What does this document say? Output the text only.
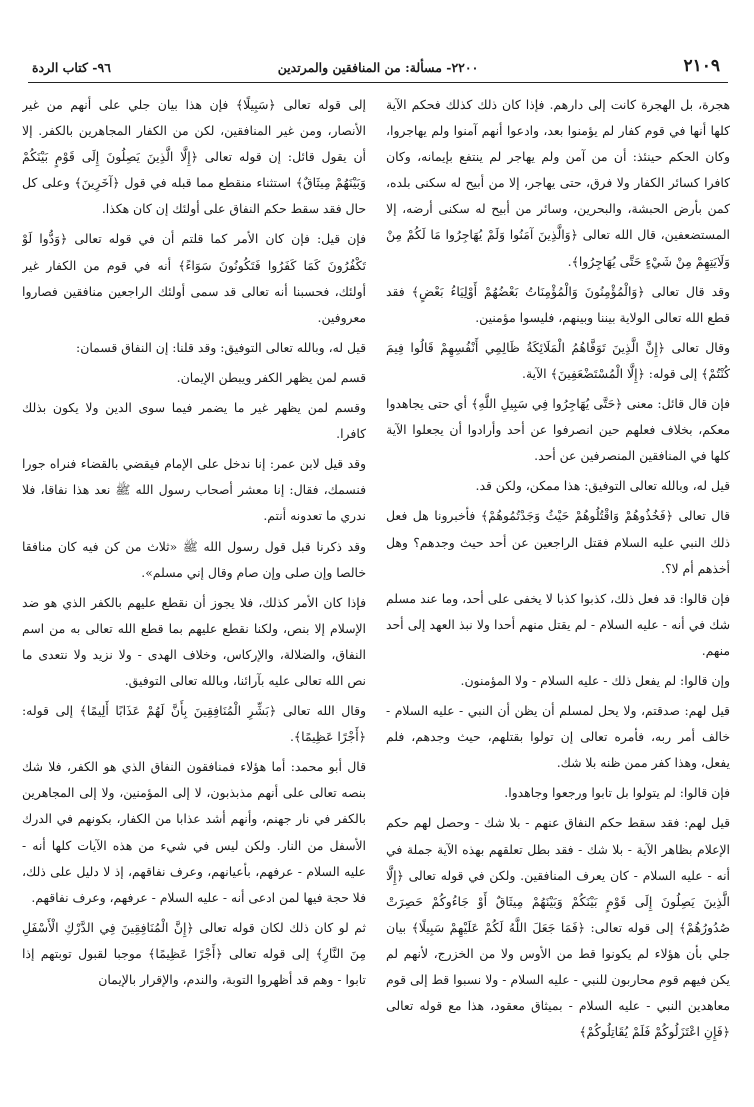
٢١٠٩
٢٢٠٠- مسألة: من المنافقين والمرتدين
٩٦- كتاب الردة

هجرة، بل الهجرة كانت إلى دارهم. فإذا كان ذلك كذلك فحكم الآية كلها أنها في قوم كفار لم يؤمنوا بعد، وادعوا أنهم آمنوا ولم يهاجروا، وكان الحكم حينئذ: أن من آمن ولم يهاجر لم ينتفع بإيمانه، وكان كافرا كسائر الكفار ولا فرق، حتى يهاجر، إلا من أبيح له سكنى بلده، كمن بأرض الحبشة، والبحرين، وسائر من أبيح له سكنى أرضه، إلا المستضعفين، قال الله تعالى ﴿وَالَّذِينَ آمَنُوا وَلَمْ يُهَاجِرُوا مَا لَكُمْ مِنْ وَلَايَتِهِمْ مِنْ شَيْءٍ حَتَّى يُهَاجِرُوا﴾.

وقد قال تعالى ﴿وَالْمُؤْمِنُونَ وَالْمُؤْمِنَاتُ بَعْضُهُمْ أَوْلِيَاءُ بَعْضٍ﴾ فقد قطع الله تعالى الولاية بيننا وبينهم، فليسوا مؤمنين.

وقال تعالى ﴿إِنَّ الَّذِينَ تَوَفَّاهُمُ الْمَلَائِكَةُ ظَالِمِي أَنْفُسِهِمْ قَالُوا فِيمَ كُنْتُمْ﴾ إلى قوله: ﴿إِلَّا الْمُسْتَضْعَفِينَ﴾ الآية.

فإن قال قائل: معنى ﴿حَتَّى يُهَاجِرُوا فِي سَبِيلِ اللَّهِ﴾ أي حتى يجاهدوا معكم، بخلاف فعلهم حين انصرفوا عن أحد وأرادوا أن يجعلوا الآية كلها في المنافقين المنصرفين عن أحد.

قيل له، وبالله تعالى التوفيق: هذا ممكن، ولكن قد.

قال تعالى ﴿فَخُذُوهُمْ وَاقْتُلُوهُمْ حَيْثُ وَجَدْتُمُوهُمْ﴾ فأخبرونا هل فعل ذلك النبي عليه السلام فقتل الراجعين عن أحد حيث وجدهم؟ وهل أخذهم أم لا؟.

فإن قالوا: قد فعل ذلك، كذبوا كذبا لا يخفى على أحد، وما عند مسلم شك في أنه - عليه السلام - لم يقتل منهم أحدا ولا نبذ العهد إلى أحد منهم.

وإن قالوا: لم يفعل ذلك - عليه السلام - ولا المؤمنون.

قيل لهم: صدقتم، ولا يحل لمسلم أن يظن أن النبي - عليه السلام - خالف أمر ربه، فأمره تعالى إن تولوا بقتلهم، حيث وجدهم، فلم يفعل، وهذا كفر ممن ظنه بلا شك.

فإن قالوا: لم يتولوا بل تابوا ورجعوا وجاهدوا.

قيل لهم: فقد سقط حكم النفاق عنهم - بلا شك - وحصل لهم حكم الإعلام بظاهر الآية - بلا شك - فقد بطل تعلقهم بهذه الآية جملة في أنه - عليه السلام - كان يعرف المنافقين. ولكن في قوله تعالى ﴿إِلَّا الَّذِينَ يَصِلُونَ إِلَى قَوْمٍ بَيْنَكُمْ وَبَيْنَهُمْ مِيثَاقٌ أَوْ جَاءُوكُمْ حَصِرَتْ صُدُورُهُمْ﴾ إلى قوله تعالى: ﴿فَمَا جَعَلَ اللَّهُ لَكُمْ عَلَيْهِمْ سَبِيلًا﴾ بيان جلي بأن هؤلاء لم يكونوا قط من الأوس ولا من الخزرج، لأنهم لم يكن فيهم قوم محاربون للنبي - عليه السلام - ولا نسبوا قط إلى قوم معاهدين النبي - عليه السلام - بميثاق معقود، هذا مع قوله تعالى ﴿فَإِنِ اعْتَزَلُوكُمْ فَلَمْ يُقَاتِلُوكُمْ﴾

إلى قوله تعالى ﴿سَبِيلًا﴾ فإن هذا بيان جلي على أنهم من غير الأنصار، ومن غير المنافقين، لكن من الكفار المجاهرين بالكفر. إلا أن يقول قائل: إن قوله تعالى ﴿إِلَّا الَّذِينَ يَصِلُونَ إِلَى قَوْمٍ بَيْنَكُمْ وَبَيْنَهُمْ مِيثَاقٌ﴾ استثناء منقطع مما قبله في قول ﴿آخَرِينَ﴾ وعلى كل حال فقد سقط حكم النفاق على أولئك إن كان هكذا.

فإن قيل: فإن كان الأمر كما قلتم أن في قوله تعالى ﴿وَدُّوا لَوْ تَكْفُرُونَ كَمَا كَفَرُوا فَتَكُونُونَ سَوَاءً﴾ أنه في قوم من الكفار غير أولئك، فحسبنا أنه تعالى قد سمى أولئك الراجعين منافقين فصاروا معروفين.

قيل له، وبالله تعالى التوفيق: وقد قلنا: إن النفاق قسمان:

قسم لمن يظهر الكفر ويبطن الإيمان.

وقسم لمن يظهر غير ما يضمر فيما سوى الدين ولا يكون بذلك كافرا.

وقد قيل لابن عمر: إنا ندخل على الإمام فيقضي بالقضاء فنراه جورا فنسمك، فقال: إنا معشر أصحاب رسول الله ﷺ نعد هذا نفاقا، فلا ندري ما تعدونه أنتم.

وقد ذكرنا قبل قول رسول الله ﷺ «ثلاث من كن فيه كان منافقا خالصا وإن صلى وإن صام وقال إني مسلم».

فإذا كان الأمر كذلك، فلا يجوز أن نقطع عليهم بالكفر الذي هو ضد الإسلام إلا بنص، ولكنا نقطع عليهم بما قطع الله تعالى به من اسم النفاق، والضلالة، والإركاس، وخلاف الهدى - ولا نزيد ولا نتعدى ما نص الله تعالى عليه بآرائنا، وبالله تعالى التوفيق.

وقال الله تعالى ﴿بَشِّرِ الْمُنَافِقِينَ بِأَنَّ لَهُمْ عَذَابًا أَلِيمًا﴾ إلى قوله: ﴿أَجْرًا عَظِيمًا﴾.

قال أبو محمد: أما هؤلاء فمنافقون النفاق الذي هو الكفر، فلا شك بنصه تعالى على أنهم مذبذبون، لا إلى المؤمنين، ولا إلى المجاهرين بالكفر في نار جهنم، وأنهم أشد عذابا من الكفار، بكونهم في الدرك الأسفل من النار. ولكن ليس في شيء من هذه الآيات كلها أنه - عليه السلام - عرفهم، بأعيانهم، وعرف نفاقهم، إذ لا دليل على ذلك، فلا حجة فيها لمن ادعى أنه - عليه السلام - عرفهم، وعرف نفاقهم.

ثم لو كان ذلك لكان قوله تعالى ﴿إِنَّ الْمُنَافِقِينَ فِي الدَّرْكِ الْأَسْفَلِ مِنَ النَّارِ﴾ إلى قوله تعالى ﴿أَجْرًا عَظِيمًا﴾ موجبا لقبول توبتهم إذا تابوا - وهم قد أظهروا التوبة، والندم، والإقرار بالإيمان
